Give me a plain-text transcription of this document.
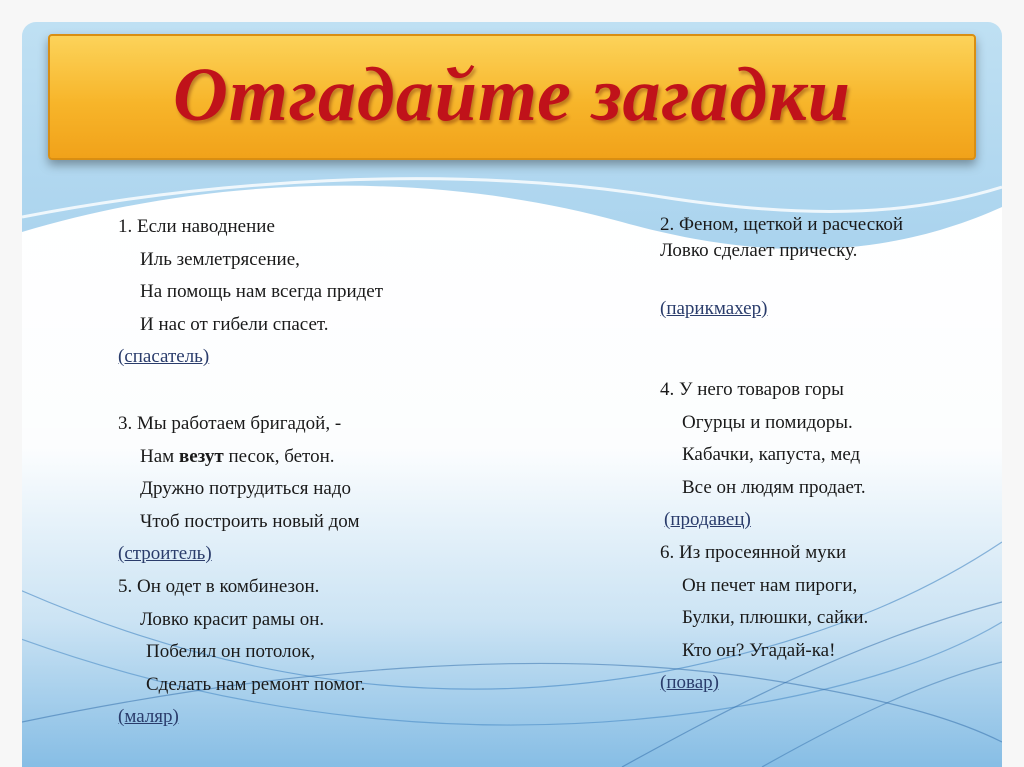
Отгадайте загадки
1. Если наводнение
Иль землетрясение,
На помощь нам всегда придет
И нас от гибели спасет.
(спасатель)
2. Феном, щеткой и расческой
Ловко сделает прическу.
(парикмахер)
3. Мы работаем бригадой, -
Нам везут песок, бетон.
Дружно потрудиться надо
Чтоб построить новый дом
(строитель)
4. У него товаров горы
Огурцы и помидоры.
Кабачки, капуста, мед
Все он людям продает.
(продавец)
5. Он одет в комбинезон.
Ловко красит рамы он.
Побелил он потолок,
Сделать нам ремонт помог.
(маляр)
6. Из просеянной муки
Он печет нам пироги,
Булки, плюшки, сайки.
Кто он? Угадай-ка!
(повар)
